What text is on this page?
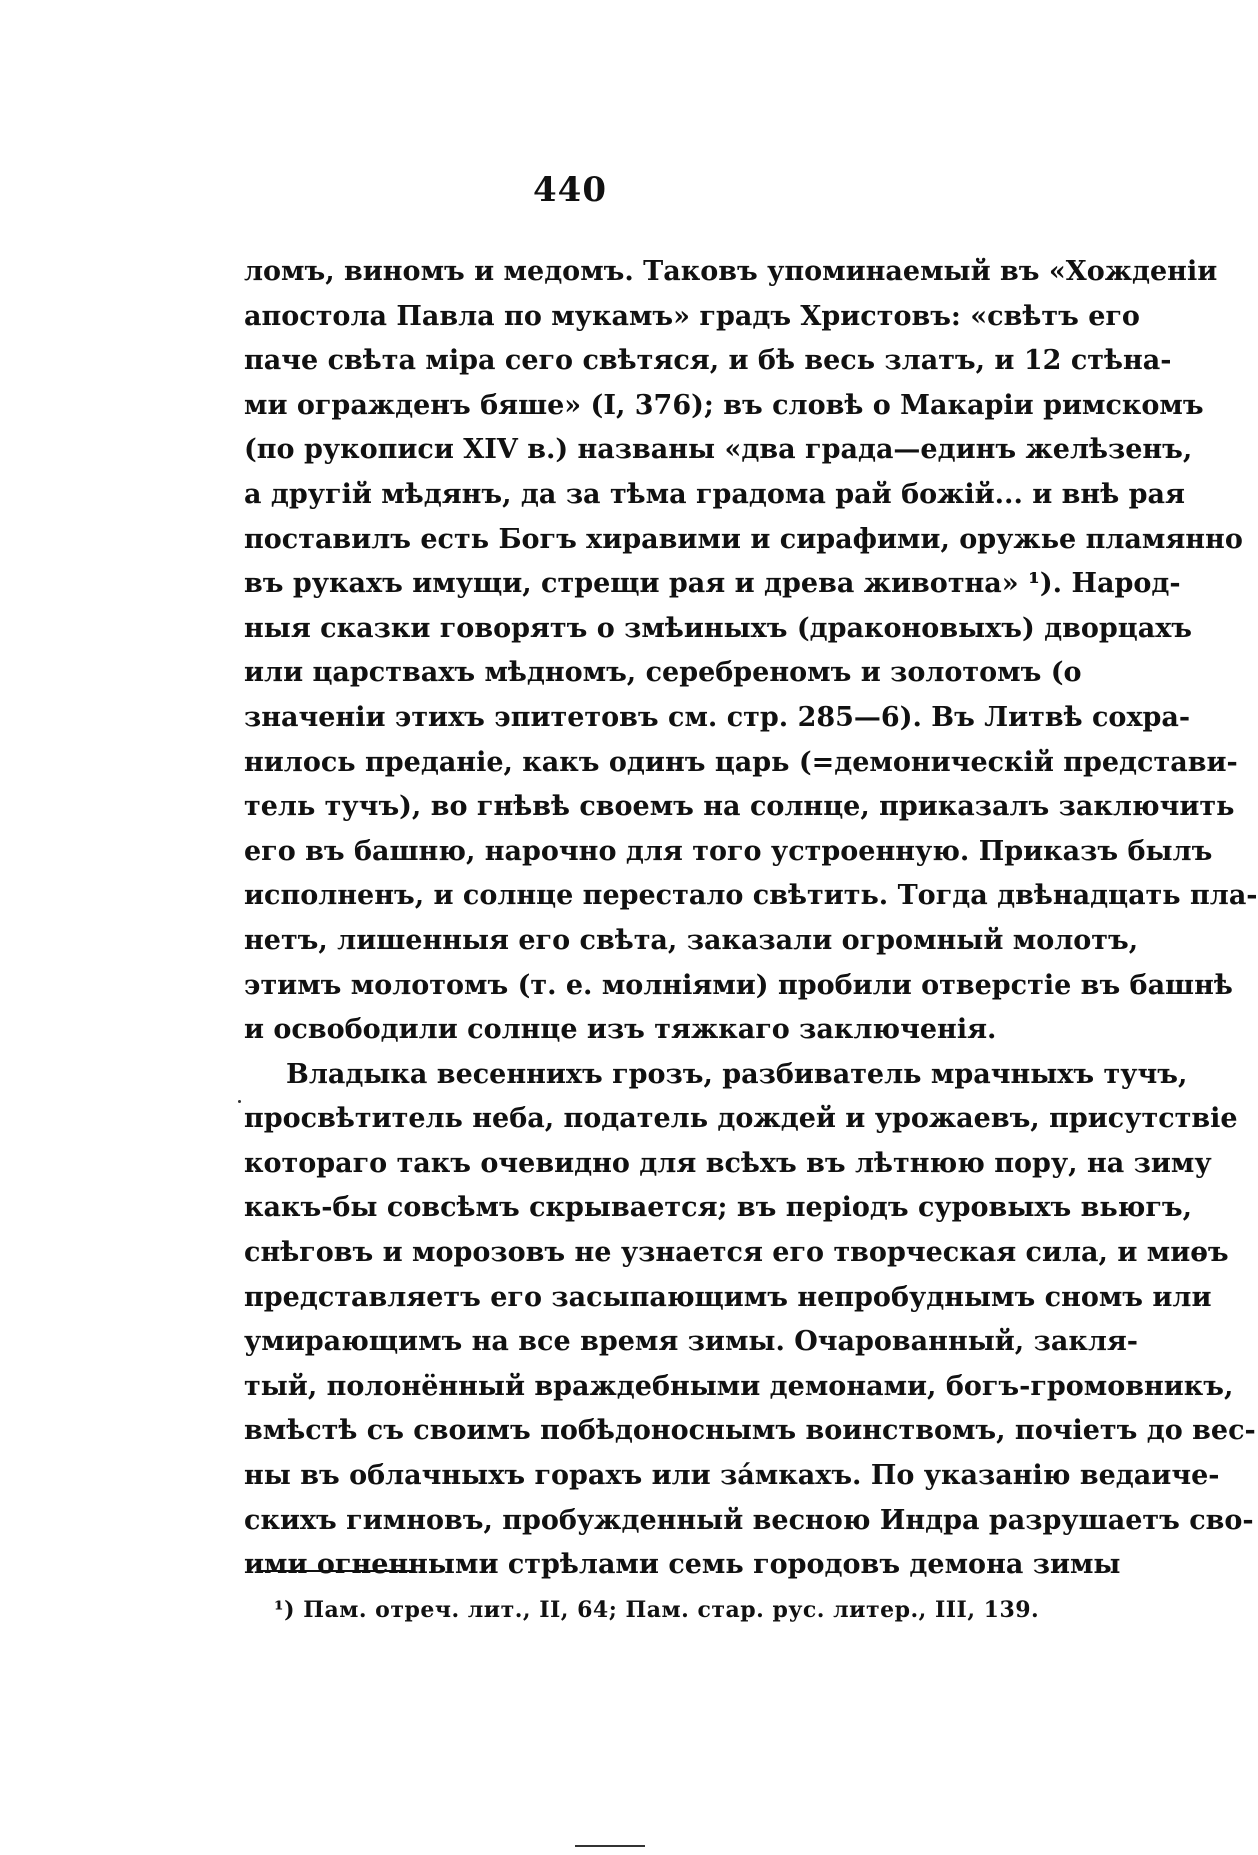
440
ломъ, виномъ и медомъ. Таковъ упоминаемый въ «Хожденіи
апостола Павла по мукамъ» градъ Христовъ: «свѣтъ его
паче свѣта міра сего свѣтяся, и бѣ весь златъ, и 12 стѣна-
ми огражденъ бяше» (I, 376); въ словѣ о Макаріи римскомъ
(по рукописи XIV в.) названы «два града—единъ желѣзенъ,
а другій мѣдянъ, да за тѣма градома рай божій... и внѣ рая
поставилъ есть Богъ хиравими и сирафими, оружье пламянно
въ рукахъ имущи, стрещи рая и древа животна» ¹). Народ-
ныя сказки говорятъ о змѣиныхъ (драконовыхъ) дворцахъ
или царствахъ мѣдномъ, серебреномъ и золотомъ (о
значеніи этихъ эпитетовъ см. стр. 285—6). Въ Литвѣ сохра-
нилось преданіе, какъ одинъ царь (=демоническій представи-
тель тучъ), во гнѣвѣ своемъ на солнце, приказалъ заключить
его въ башню, нарочно для того устроенную. Приказъ былъ
исполненъ, и солнце перестало свѣтить. Тогда двѣнадцать пла-
нетъ, лишенныя его свѣта, заказали огромный молотъ,
этимъ молотомъ (т. е. молніями) пробили отверстіе въ башнѣ
и освободили солнце изъ тяжкаго заключенія.
Владыка весеннихъ грозъ, разбиватель мрачныхъ тучъ,
просвѣтитель неба, податель дождей и урожаевъ, присутствіе
котораго такъ очевидно для всѣхъ въ лѣтнюю пору, на зиму
какъ-бы совсѣмъ скрывается; въ періодъ суровыхъ вьюгъ,
снѣговъ и морозовъ не узнается его творческая сила, и миѳъ
представляетъ его засыпающимъ непробуднымъ сномъ или
умирающимъ на все время зимы. Очарованный, закля-
тый, полонённый враждебными демонами, богъ-громовникъ,
вмѣстѣ съ своимъ побѣдоноснымъ воинствомъ, почіетъ до вес-
ны въ облачныхъ горахъ или зáмкахъ. По указанію ведаиче-
скихъ гимновъ, пробужденный весною Индра разрушаетъ сво-
ими огненными стрѣлами семь городовъ демона зимы
¹) Пам. отреч. лит., II, 64; Пам. стар. рус. литер., III, 139.
